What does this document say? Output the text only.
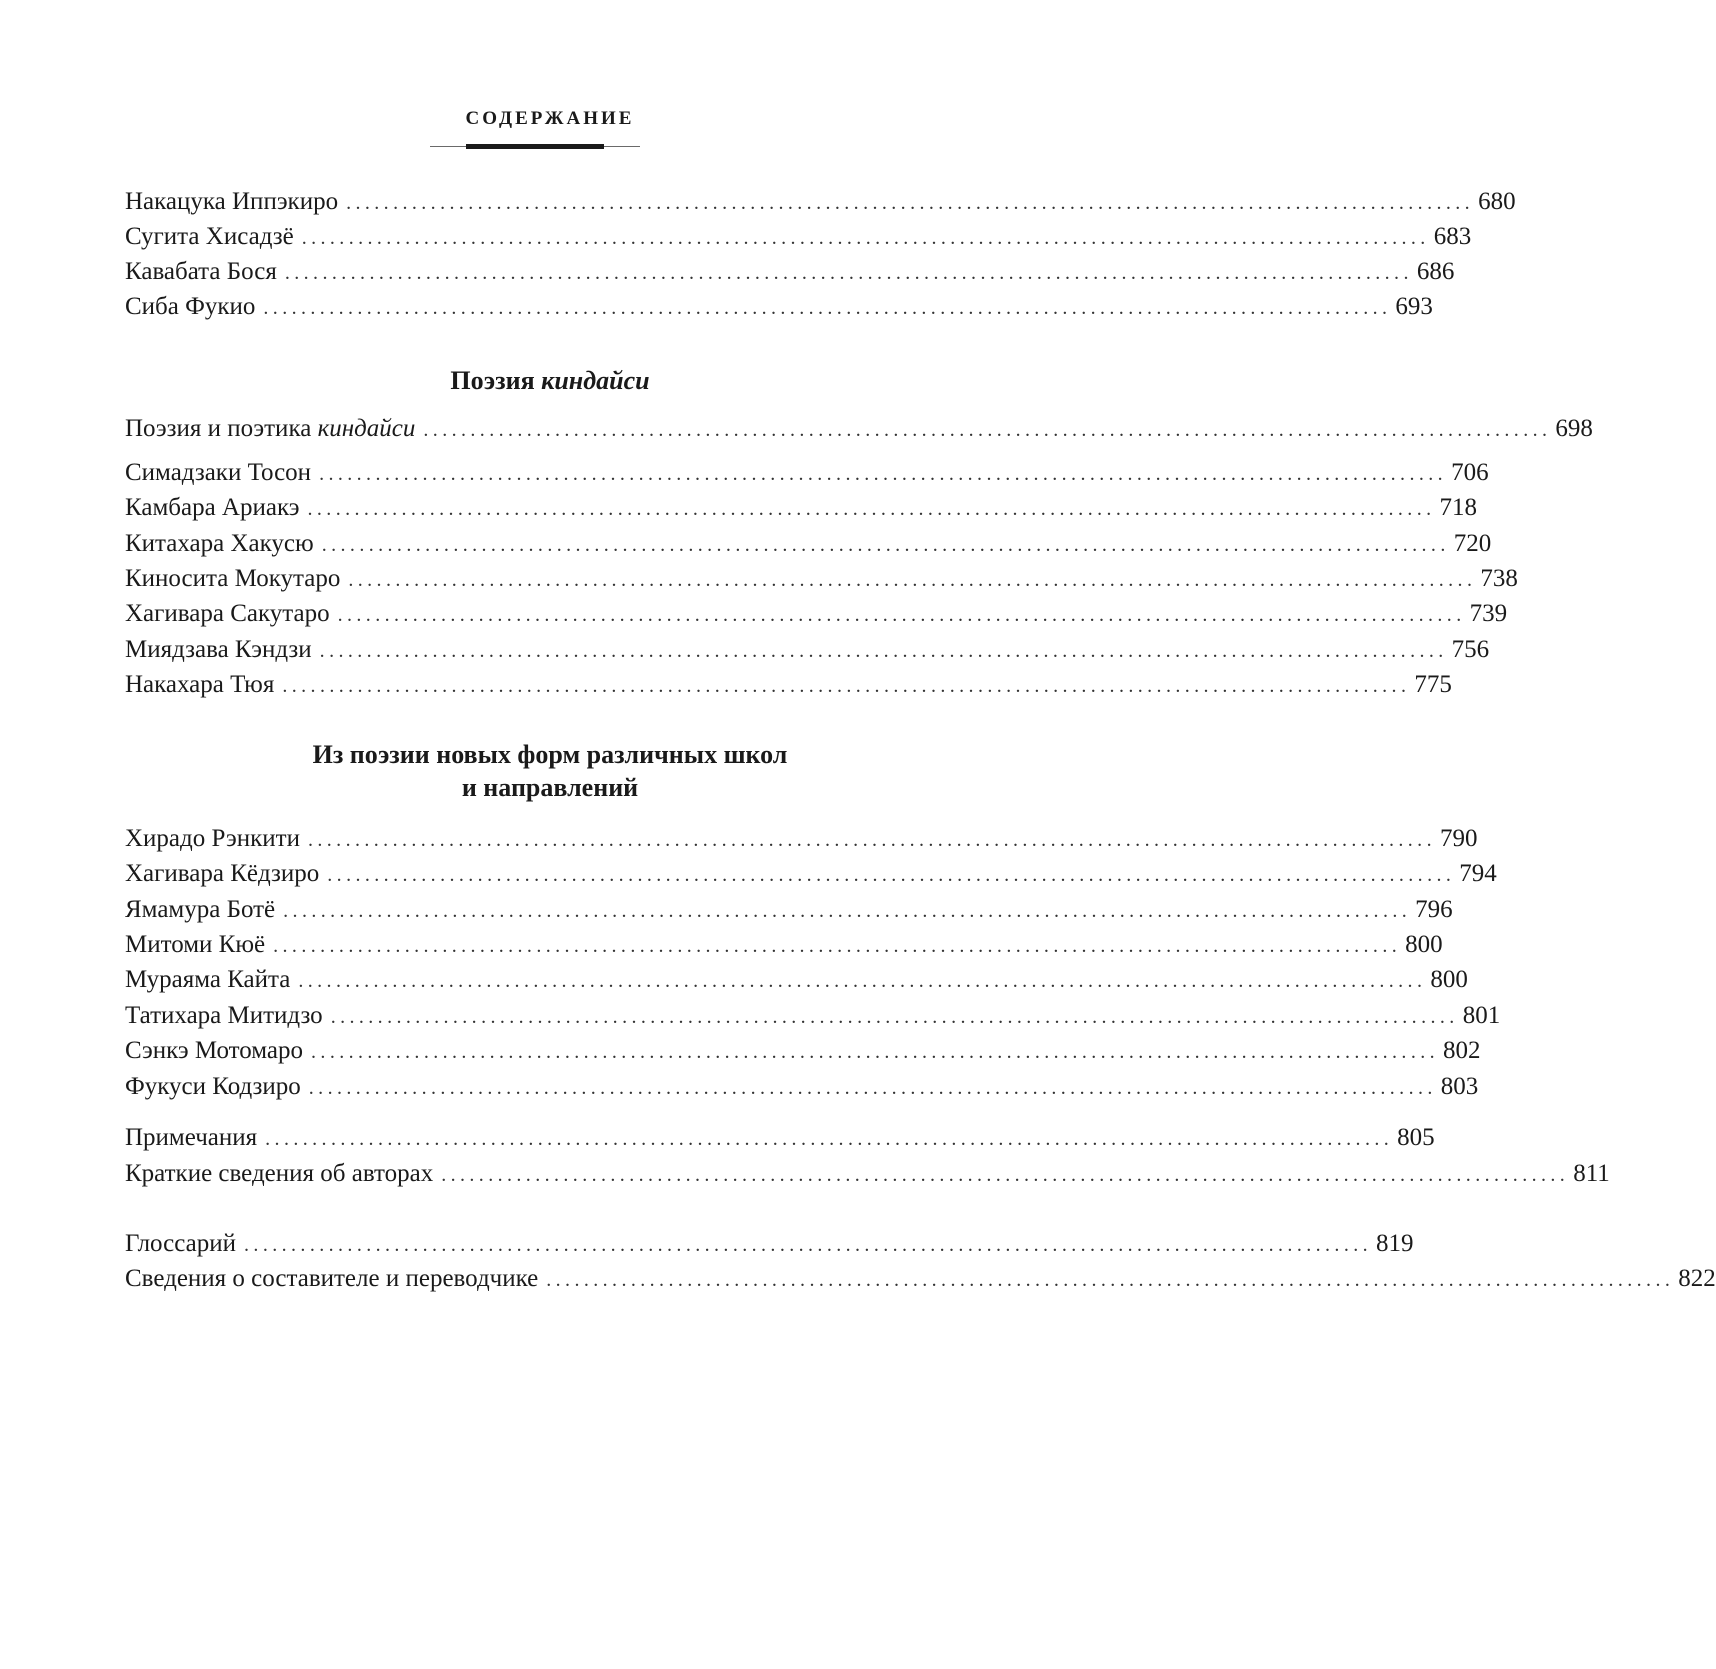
СОДЕРЖАНИЕ
Накацука Иппэкиро ........................................................................................................................ 680
Сугита Хисадзё ........................................................................................................................ 683
Кавабата Бося ........................................................................................................................ 686
Сиба Фукио ........................................................................................................................ 693
Поэзия киндайси
Поэзия и поэтика киндайси ........................................................................................................................ 698
Симадзаки Тосон ........................................................................................................................ 706
Камбара Ариакэ ........................................................................................................................ 718
Китахара Хакусю ........................................................................................................................ 720
Киносита Мокутаро ........................................................................................................................ 738
Хагивара Сакутаро ........................................................................................................................ 739
Миядзава Кэндзи ........................................................................................................................ 756
Накахара Тюя ........................................................................................................................ 775
Из поэзии новых форм различных школ
и направлений
Хирадо Рэнкити ........................................................................................................................ 790
Хагивара Кёдзиро ........................................................................................................................ 794
Ямамура Ботё ........................................................................................................................ 796
Митоми Кюё ........................................................................................................................ 800
Мураяма Кайта ........................................................................................................................ 800
Татихара Митидзо ........................................................................................................................ 801
Сэнкэ Мотомаро ........................................................................................................................ 802
Фукуси Кодзиро ........................................................................................................................ 803
Примечания ........................................................................................................................ 805
Краткие сведения об авторах ........................................................................................................................ 811
Глоссарий ........................................................................................................................ 819
Сведения о составителе и переводчике ........................................................................................................................ 822
